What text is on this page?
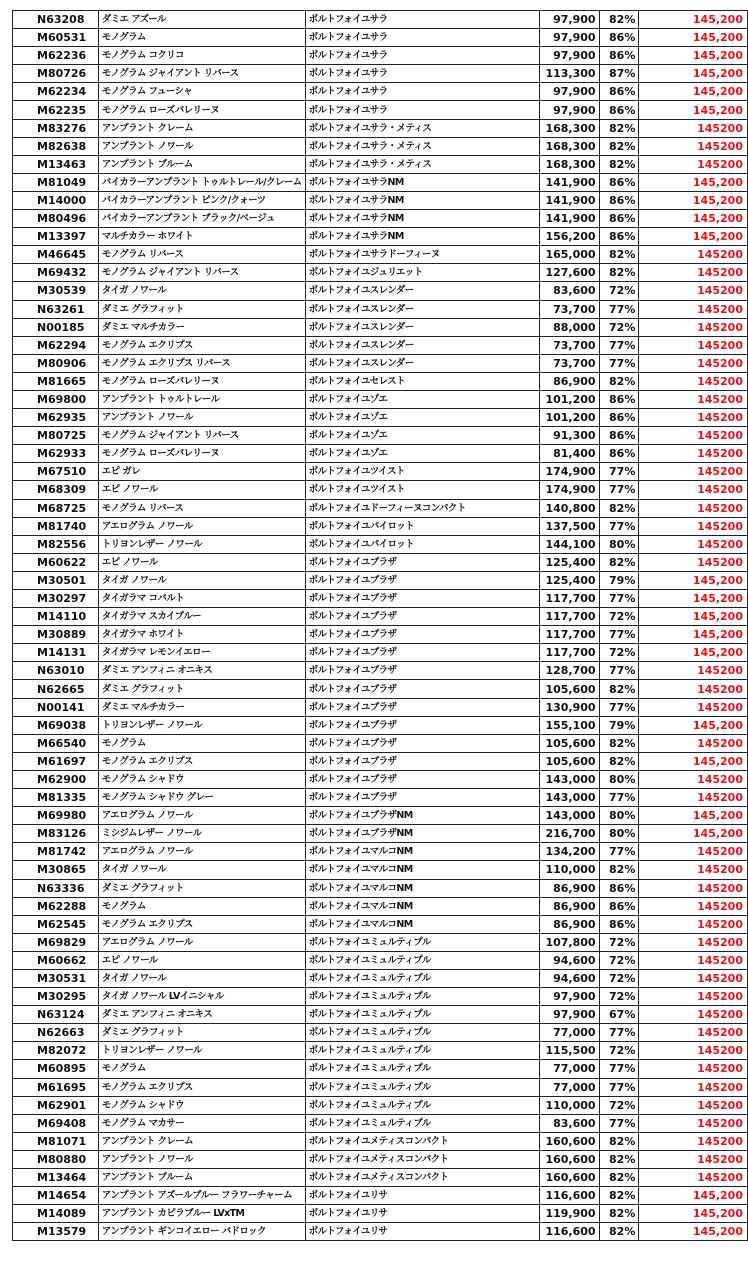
N63208	ダミエ アズール	ボルトフォイユサラ	97,900	82%	145,200
M60531	モノグラム	ボルトフォイユサラ	97,900	86%	145,200
M62236	モノグラム コクリコ	ボルトフォイユサラ	97,900	86%	145,200
M80726	モノグラム ジャイアント リバース	ボルトフォイユサラ	113,300	87%	145,200
M62234	モノグラム フューシャ	ボルトフォイユサラ	97,900	86%	145,200
M62235	モノグラム ローズバレリーヌ	ボルトフォイユサラ	97,900	86%	145,200
M83276	アンプラント クレーム	ボルトフォイユサラ・メティス	168,300	82%	145200
M82638	アンプラント ノワール	ボルトフォイユサラ・メティス	168,300	82%	145200
M13463	アンプラント ブルーム	ボルトフォイユサラ・メティス	168,300	82%	145200
M81049	バイカラーアンプラント トゥルトレール/クレーム	ボルトフォイユサラNM	141,900	86%	145,200
M14000	バイカラーアンプラント ピンク/クォーツ	ボルトフォイユサラNM	141,900	86%	145,200
M80496	バイカラーアンプラント ブラック/ベージュ	ボルトフォイユサラNM	141,900	86%	145,200
M13397	マルチカラー ホワイト	ボルトフォイユサラNM	156,200	86%	145,200
M46645	モノグラム リバース	ボルトフォイユサラドーフィーヌ	165,000	82%	145200
M69432	モノグラム ジャイアント リバース	ボルトフォイユジュリエット	127,600	82%	145200
M30539	タイガ ノワール	ボルトフォイユスレンダー	83,600	72%	145200
N63261	ダミエ グラフィット	ボルトフォイユスレンダー	73,700	77%	145200
N00185	ダミエ マルチカラー	ボルトフォイユスレンダー	88,000	72%	145200
M62294	モノグラム エクリプス	ボルトフォイユスレンダー	73,700	77%	145200
M80906	モノグラム エクリプス リバース	ボルトフォイユスレンダー	73,700	77%	145200
M81665	モノグラム ローズバレリーヌ	ボルトフォイユセレスト	86,900	82%	145200
M69800	アンプラント トゥルトレール	ボルトフォイユゾエ	101,200	86%	145200
M62935	アンプラント ノワール	ボルトフォイユゾエ	101,200	86%	145200
M80725	モノグラム ジャイアント リバース	ボルトフォイユゾエ	91,300	86%	145200
M62933	モノグラム ローズバレリーヌ	ボルトフォイユゾエ	81,400	86%	145200
M67510	エピ ガレ	ボルトフォイユツイスト	174,900	77%	145200
M68309	エピ ノワール	ボルトフォイユツイスト	174,900	77%	145200
M68725	モノグラム リバース	ボルトフォイユドーフィーヌコンパクト	140,800	82%	145200
M81740	アエログラム ノワール	ボルトフォイユパイロット	137,500	77%	145200
M82556	トリヨンレザー ノワール	ボルトフォイユパイロット	144,100	80%	145200
M60622	エピ ノワール	ボルトフォイユブラザ	125,400	82%	145200
M30501	タイガ ノワール	ボルトフォイユブラザ	125,400	79%	145,200
M30297	タイガラマ コバルト	ボルトフォイユブラザ	117,700	77%	145,200
M14110	タイガラマ スカイブルー	ボルトフォイユブラザ	117,700	72%	145,200
M30889	タイガラマ ホワイト	ボルトフォイユブラザ	117,700	77%	145,200
M14131	タイガラマ レモンイエロー	ボルトフォイユブラザ	117,700	72%	145,200
N63010	ダミエ アンフィニ オニキス	ボルトフォイユブラザ	128,700	77%	145200
N62665	ダミエ グラフィット	ボルトフォイユブラザ	105,600	82%	145200
N00141	ダミエ マルチカラー	ボルトフォイユブラザ	130,900	77%	145200
M69038	トリヨンレザー ノワール	ボルトフォイユブラザ	155,100	79%	145,200
M66540	モノグラム	ボルトフォイユブラザ	105,600	82%	145200
M61697	モノグラム エクリプス	ボルトフォイユブラザ	105,600	82%	145,200
M62900	モノグラム シャドウ	ボルトフォイユブラザ	143,000	80%	145200
M81335	モノグラム シャドウ グレー	ボルトフォイユブラザ	143,000	77%	145200
M69980	アエログラム ノワール	ボルトフォイユブラザNM	143,000	80%	145,200
M83126	ミシジムレザー ノワール	ボルトフォイユブラザNM	216,700	80%	145,200
M81742	アエログラム ノワール	ボルトフォイユマルコNM	134,200	77%	145200
M30865	タイガ ノワール	ボルトフォイユマルコNM	110,000	82%	145200
N63336	ダミエ グラフィット	ボルトフォイユマルコNM	86,900	86%	145200
M62288	モノグラム	ボルトフォイユマルコNM	86,900	86%	145200
M62545	モノグラム エクリプス	ボルトフォイユマルコNM	86,900	86%	145200
M69829	アエログラム ノワール	ボルトフォイユミュルティプル	107,800	72%	145200
M60662	エピ ノワール	ボルトフォイユミュルティプル	94,600	72%	145200
M30531	タイガ ノワール	ボルトフォイユミュルティプル	94,600	72%	145200
M30295	タイガ ノワール LVイニシャル	ボルトフォイユミュルティプル	97,900	72%	145200
N63124	ダミエ アンフィニ オニキス	ボルトフォイユミュルティプル	97,900	67%	145200
N62663	ダミエ グラフィット	ボルトフォイユミュルティプル	77,000	77%	145200
M82072	トリヨンレザー ノワール	ボルトフォイユミュルティプル	115,500	72%	145200
M60895	モノグラム	ボルトフォイユミュルティプル	77,000	77%	145200
M61695	モノグラム エクリプス	ボルトフォイユミュルティプル	77,000	77%	145200
M62901	モノグラム シャドウ	ボルトフォイユミュルティプル	110,000	72%	145200
M69408	モノグラム マカサー	ボルトフォイユミュルティプル	83,600	77%	145200
M81071	アンプラント クレーム	ボルトフォイユメティスコンパクト	160,600	82%	145200
M80880	アンプラント ノワール	ボルトフォイユメティスコンパクト	160,600	82%	145200
M13464	アンプラント ブルーム	ボルトフォイユメティスコンパクト	160,600	82%	145200
M14654	アンプラント アズールブルー フラワーチャーム	ボルトフォイユリサ	116,600	82%	145,200
M14089	アンプラント カピラブルー LVxTM	ボルトフォイユリサ	119,900	82%	145,200
M13579	アンプラント ギンコイエロー バドロック	ボルトフォイユリサ	116,600	82%	145,200
